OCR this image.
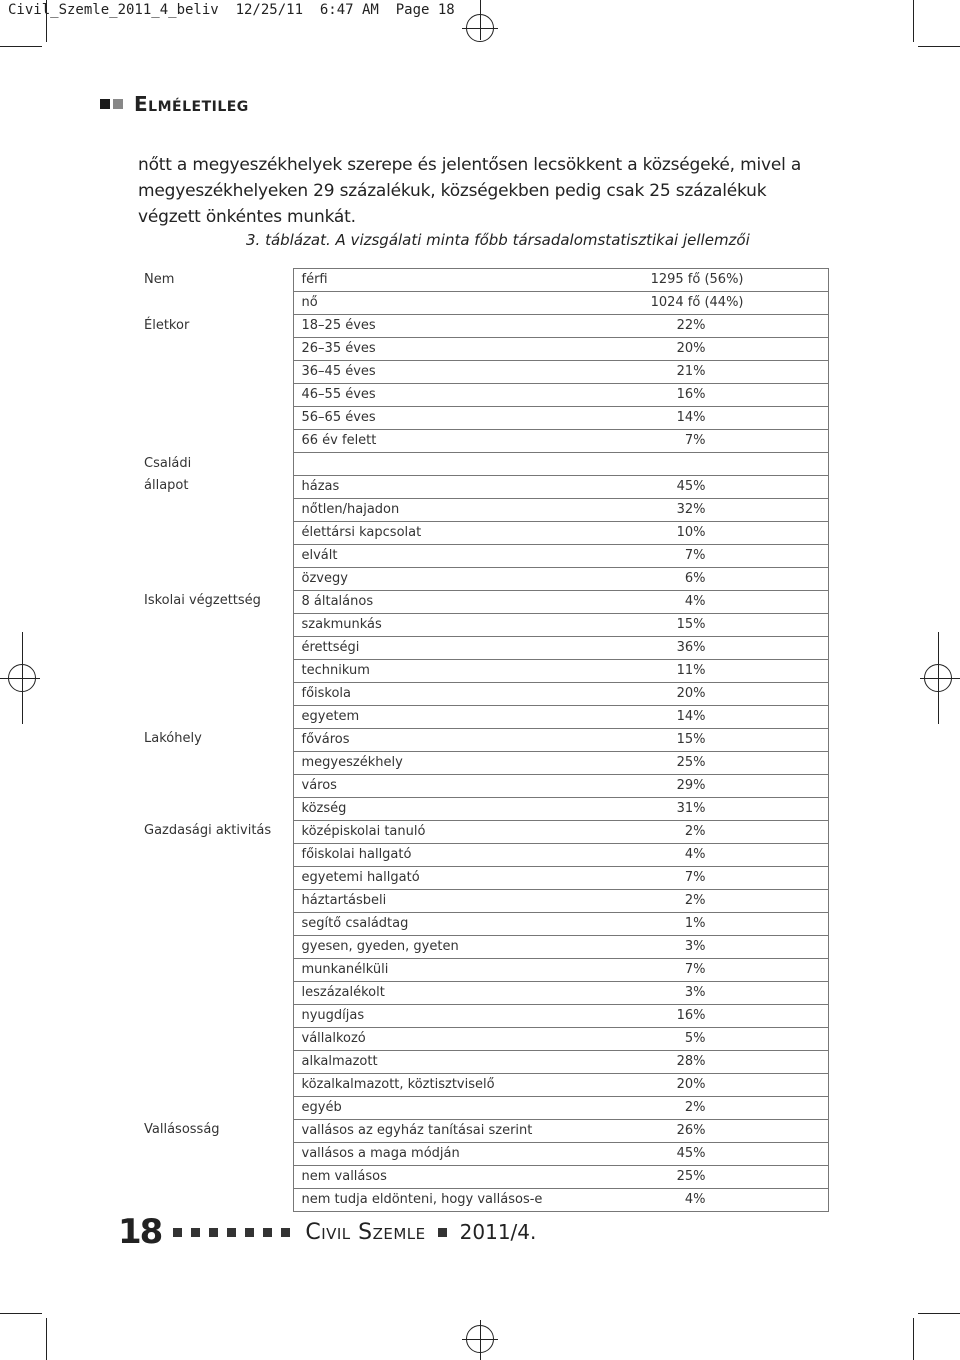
Civil_Szemle_2011_4_beliv  12/25/11  6:47 AM  Page 18
Elméletileg
nőtt a megyeszékhelyek szerepe és jelentősen lecsökkent a községeké, mivel a megyeszékhelyeken 29 százalékuk, községekben pedig csak 25 százalékuk végzett önkéntes munkát.
3. táblázat. A vizsgálati minta főbb társadalomstatisztikai jellemzői
Nem	férfi	1295 fő (56%)
	nő	1024 fő (44%)
Életkor	18–25 éves	22%
	26–35 éves	20%
	36–45 éves	21%
	46–55 éves	16%
	56–65 éves	14%
	66 év felett	7%
Családi		
állapot	házas	45%
	nőtlen/hajadon	32%
	élettársi kapcsolat	10%
	elvált	7%
	özvegy	6%
Iskolai végzettség	8 általános	4%
	szakmunkás	15%
	érettségi	36%
	technikum	11%
	főiskola	20%
	egyetem	14%
Lakóhely	főváros	15%
	megyeszékhely	25%
	város	29%
	község	31%
Gazdasági aktivitás	középiskolai tanuló	2%
	főiskolai hallgató	4%
	egyetemi hallgató	7%
	háztartásbeli	2%
	segítő családtag	1%
	gyesen, gyeden, gyeten	3%
	munkanélküli	7%
	leszázalékolt	3%
	nyugdíjas	16%
	vállalkozó	5%
	alkalmazott	28%
	közalkalmazott, köztisztviselő	20%
	egyéb	2%
Vallásosság	vallásos az egyház tanításai szerint	26%
	vallásos a maga módján	45%
	nem vallásos	25%
	nem tudja eldönteni, hogy vallásos-e	4%
18	Civil Szemle 2011/4.
